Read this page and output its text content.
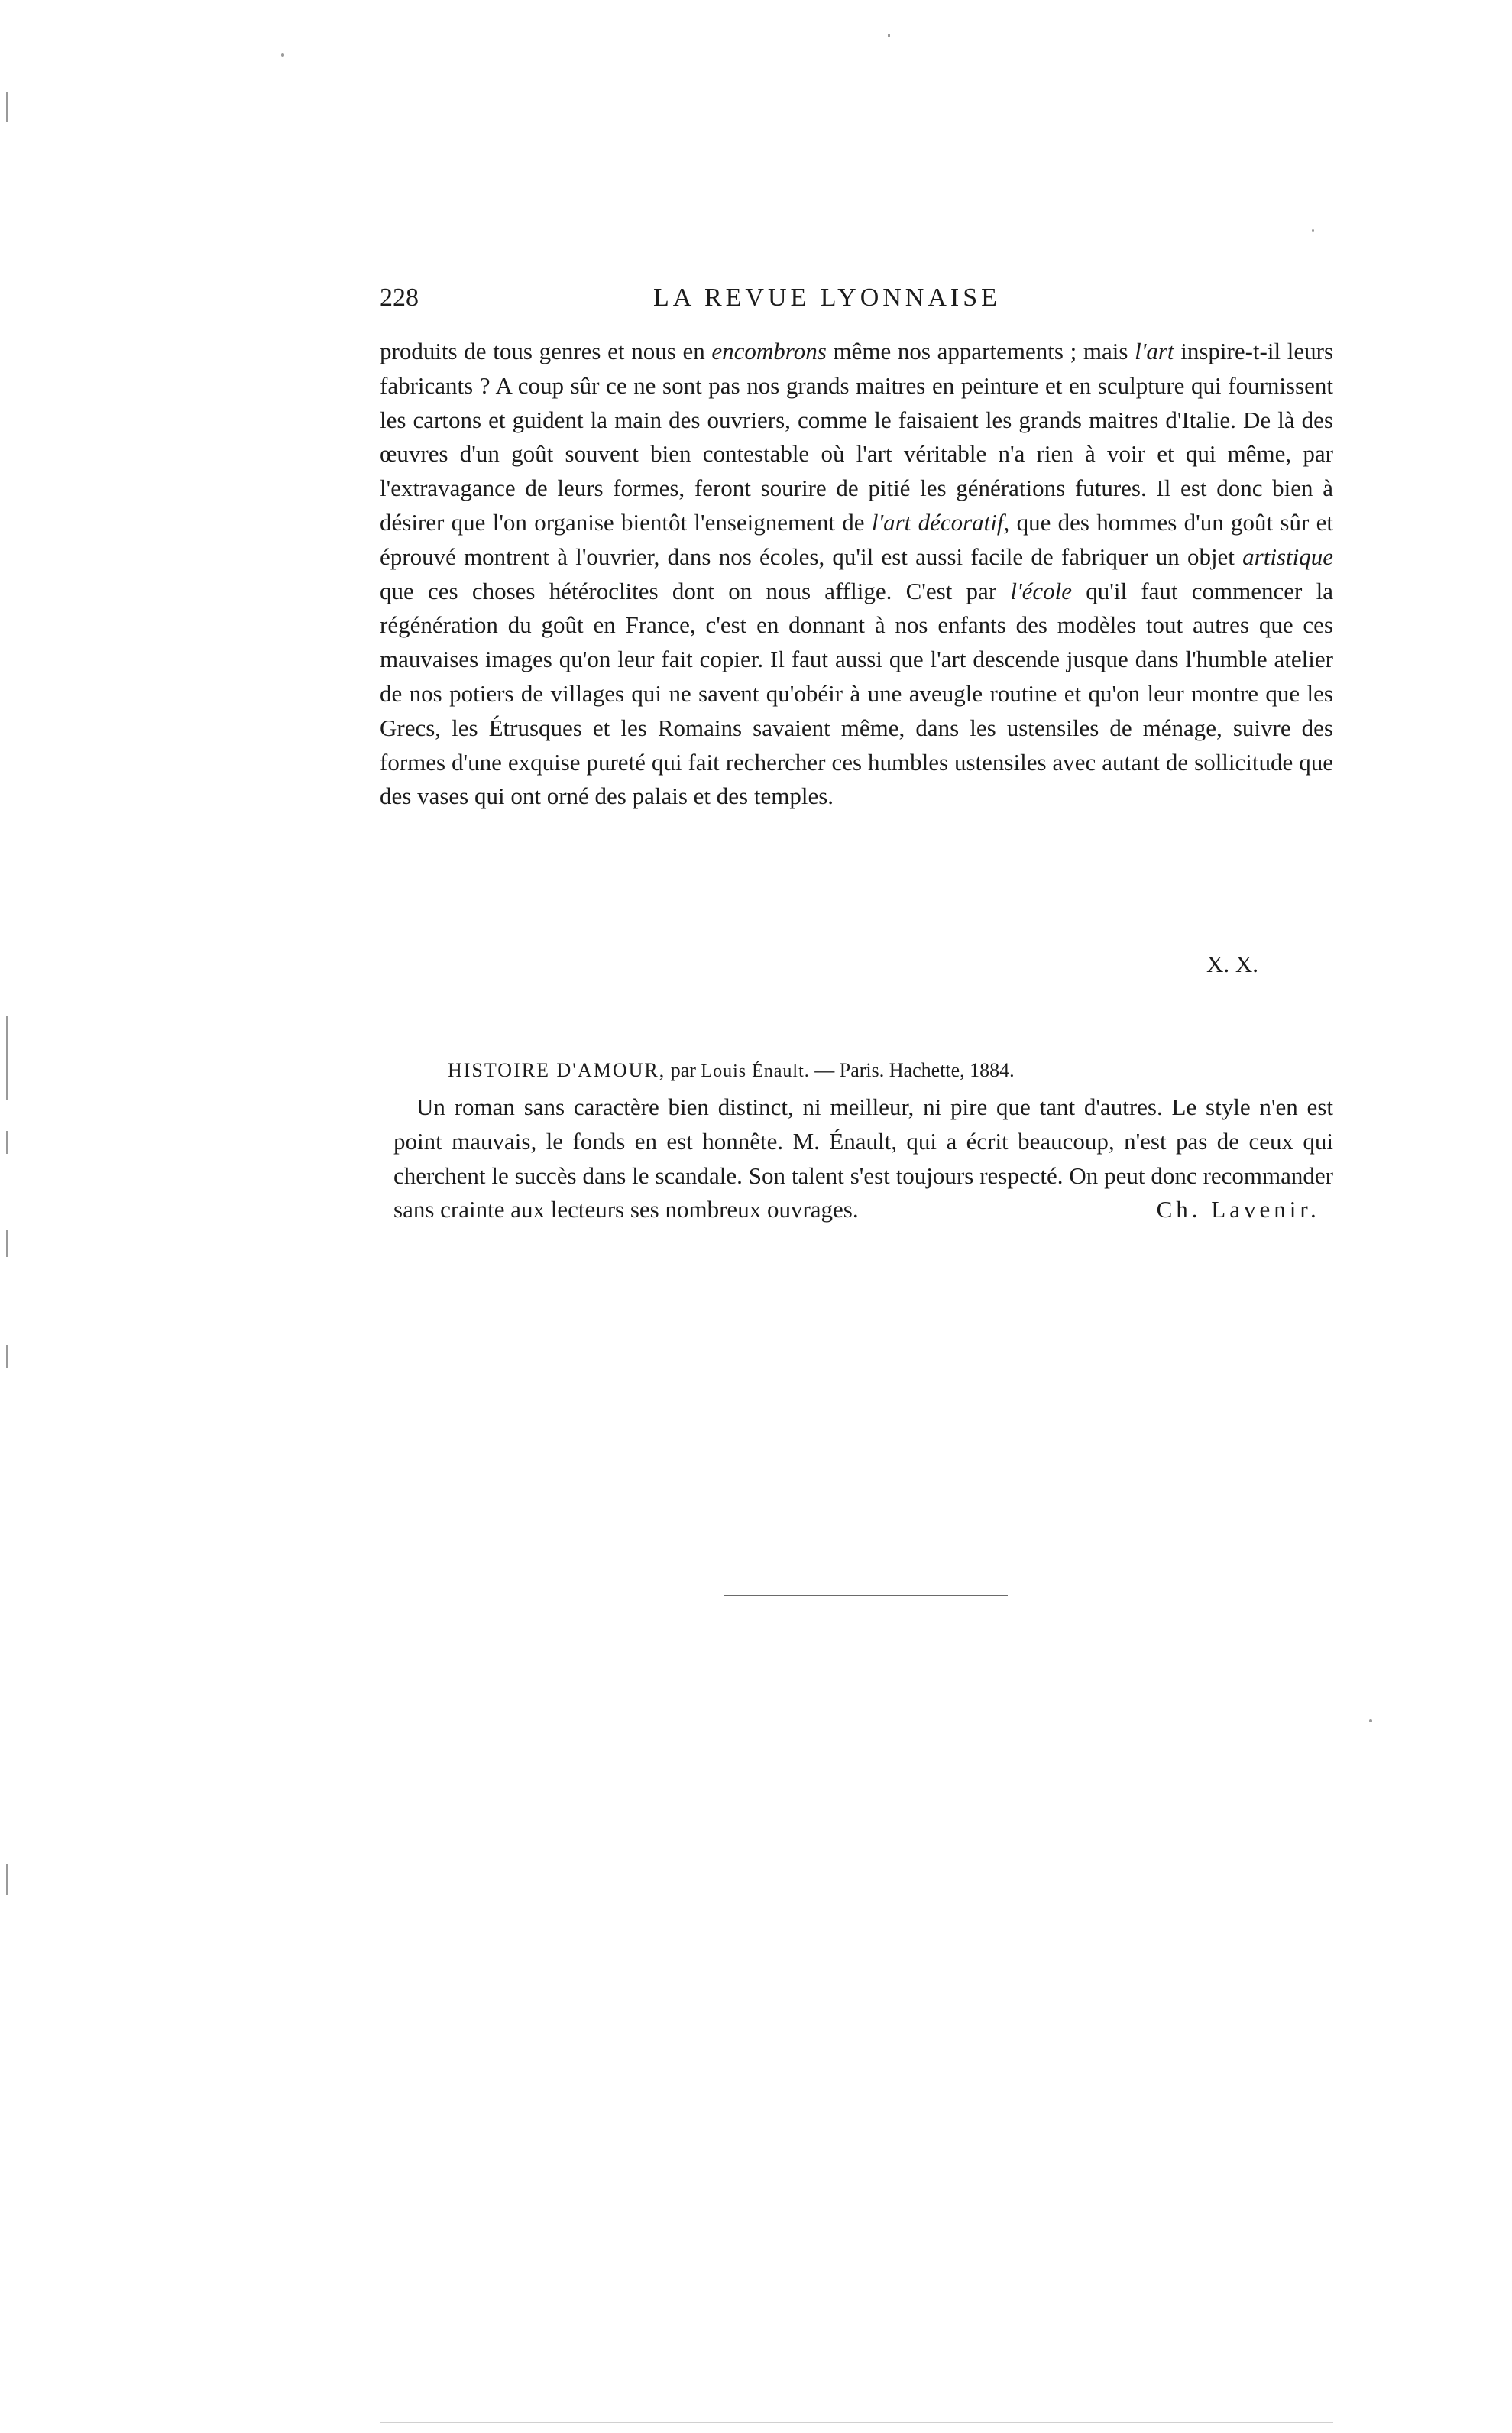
228	LA REVUE LYONNAISE

produits de tous genres et nous en encombrons même nos appartements ; mais l'art inspire-t-il leurs fabricants ? A coup sûr ce ne sont pas nos grands maitres en peinture et en sculpture qui fournissent les cartons et guident la main des ouvriers, comme le faisaient les grands maitres d'Italie. De là des œuvres d'un goût souvent bien contestable où l'art véritable n'a rien à voir et qui même, par l'extravagance de leurs formes, feront sourire de pitié les générations futures. Il est donc bien à désirer que l'on organise bientôt l'enseignement de l'art décoratif, que des hommes d'un goût sûr et éprouvé montrent à l'ouvrier, dans nos écoles, qu'il est aussi facile de fabriquer un objet artistique que ces choses hétéroclites dont on nous afflige. C'est par l'école qu'il faut commencer la régénération du goût en France, c'est en donnant à nos enfants des modèles tout autres que ces mauvaises images qu'on leur fait copier. Il faut aussi que l'art descende jusque dans l'humble atelier de nos potiers de villages qui ne savent qu'obéir à une aveugle routine et qu'on leur montre que les Grecs, les Étrusques et les Romains savaient même, dans les ustensiles de ménage, suivre des formes d'une exquise pureté qui fait rechercher ces humbles ustensiles avec autant de sollicitude que des vases qui ont orné des palais et des temples.

X. X.
HISTOIRE D'AMOUR, par Louis Énault. — Paris. Hachette, 1884.

Un roman sans caractère bien distinct, ni meilleur, ni pire que tant d'autres. Le style n'en est point mauvais, le fonds en est honnête. M. Énault, qui a écrit beaucoup, n'est pas de ceux qui cherchent le succès dans le scandale. Son talent s'est toujours respecté. On peut donc recommander sans crainte aux lecteurs ses nombreux ouvrages.	Ch. Lavenir.
